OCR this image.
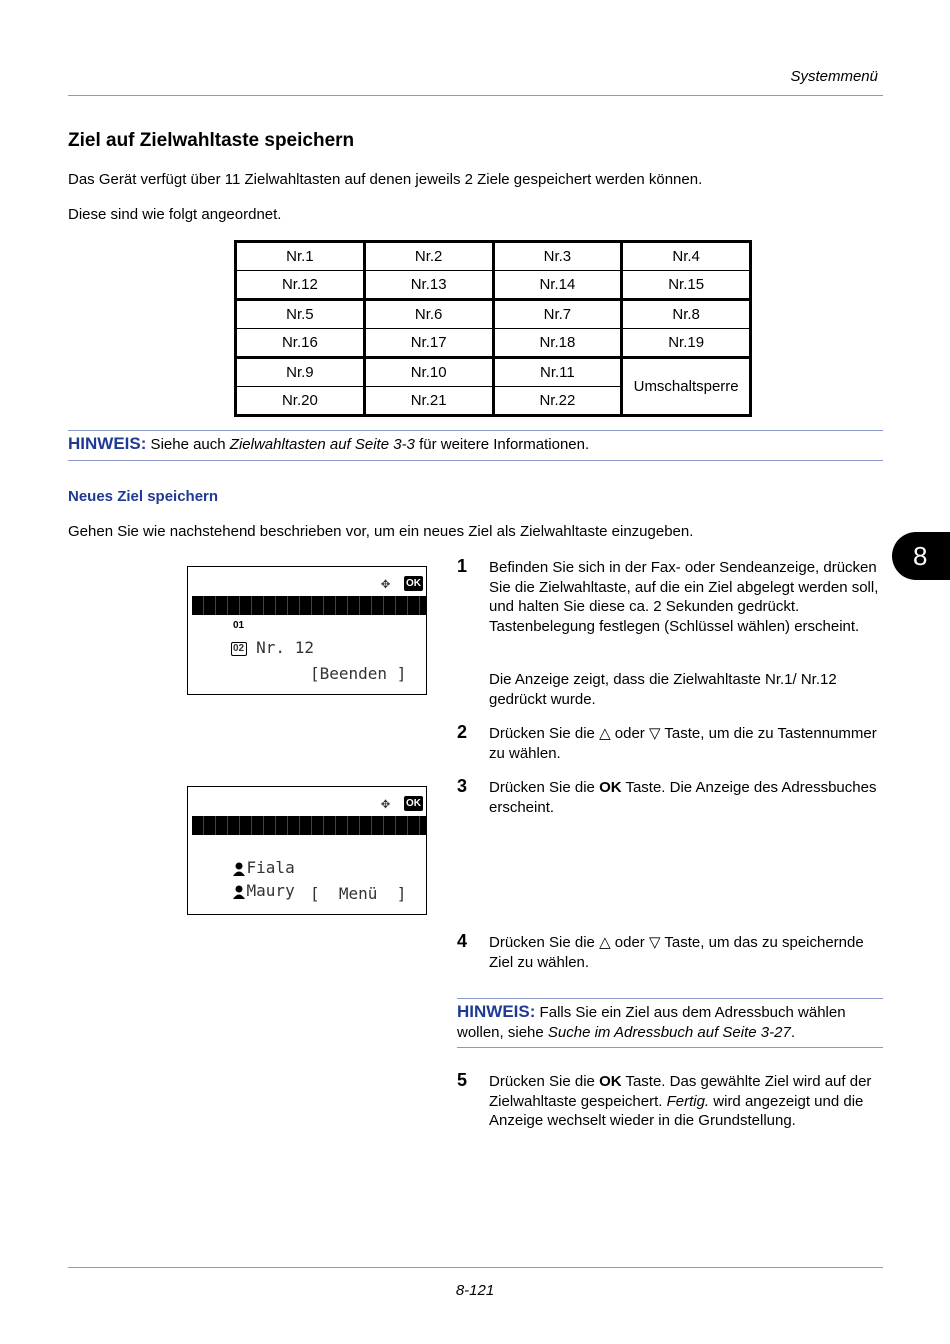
Systemmenü
Ziel auf Zielwahltaste speichern
Das Gerät verfügt über 11 Zielwahltasten auf denen jeweils 2 Ziele gespeichert werden können.
Diese sind wie folgt angeordnet.
Nr.1	Nr.2	Nr.3	Nr.4
Nr.12	Nr.13	Nr.14	Nr.15
Nr.5	Nr.6	Nr.7	Nr.8
Nr.16	Nr.17	Nr.18	Nr.19
Nr.9	Nr.10	Nr.11	Umschaltsperre
Nr.20	Nr.21	Nr.22	
HINWEIS: Siehe auch Zielwahltasten auf Seite 3-3 für weitere Informationen.
Neues Ziel speichern
Gehen Sie wie nachstehend beschrieben vor, um ein neues Ziel als Zielwahltaste einzugeben.
8

✥

OK

01 Nr. 1

02 Nr. 12

[Beenden ]

✥

OK

Design

Fiala

Maury
[  Menü  ]
1 Befinden Sie sich in der Fax- oder Sendeanzeige, drücken Sie die Zielwahltaste, auf die ein Ziel abgelegt werden soll, und halten Sie diese ca. 2 Sekunden gedrückt. Tastenbelegung festlegen (Schlüssel wählen) erscheint.
Die Anzeige zeigt, dass die Zielwahltaste Nr.1/ Nr.12 gedrückt wurde.
2 Drücken Sie die △ oder ▽ Taste, um die zu Tastennummer zu wählen.
3 Drücken Sie die OK Taste. Die Anzeige des Adressbuches erscheint.
4 Drücken Sie die △ oder ▽ Taste, um das zu speichernde Ziel zu wählen.
HINWEIS: Falls Sie ein Ziel aus dem Adressbuch wählen wollen, siehe Suche im Adressbuch auf Seite 3-27.
5 Drücken Sie die OK Taste. Das gewählte Ziel wird auf der Zielwahltaste gespeichert. Fertig. wird angezeigt und die Anzeige wechselt wieder in die Grundstellung.
8-121
